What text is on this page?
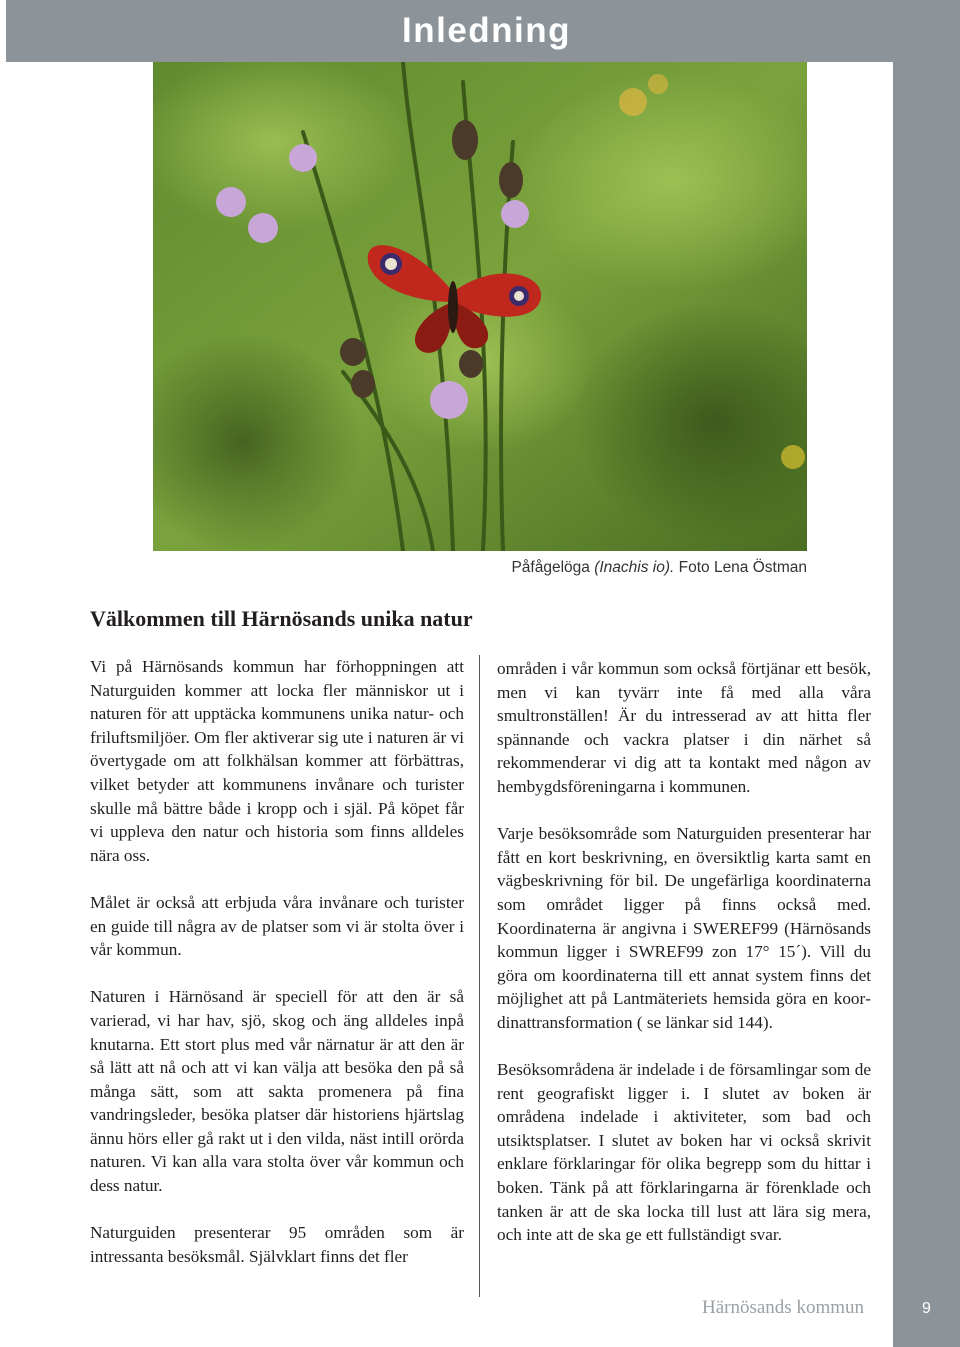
Inledning
Påfågelöga (Inachis io). Foto Lena Östman
Välkommen till Härnösands unika natur

Vi på Härnösands kommun har förhoppningen att Naturguiden kommer att locka fler människor ut i naturen för att upptäcka kommunens unika natur- och friluftsmiljöer. Om fler aktiverar sig ute i naturen är vi övertygade om att folkhälsan kommer att förbättras, vilket betyder att kommunens invånare och turister skulle må bättre både i kropp och i själ. På köpet får vi uppleva den natur och historia som finns alldeles nära oss.

Målet är också att erbjuda våra invånare och turister en guide till några av de platser som vi är stolta över i vår kommun.

Naturen i Härnösand är speciell för att den är så varierad, vi har hav, sjö, skog och äng alldeles inpå knutarna. Ett stort plus med vår närnatur är att den är så lätt att nå och att vi kan välja att besöka den på så många sätt, som att sakta promenera på fina vandringsleder, besöka platser där historiens hjärtslag ännu hörs eller gå rakt ut i den vilda, näst intill orörda naturen. Vi kan alla vara stolta över vår kommun och dess natur.

Naturguiden presenterar 95 områden som är intressanta besöksmål. Självklart finns det fler

områden i vår kommun som också förtjänar ett besök, men vi kan tyvärr inte få med alla våra smultronställen! Är du intresserad av att hitta fler spännande och vackra platser i din närhet så rekommenderar vi dig att ta kontakt med någon av hembygdsföreningarna i kommunen.

Varje besöksområde som Naturguiden presenterar har fått en kort beskrivning, en översiktlig karta samt en vägbeskrivning för bil. De ungefärliga koordinaterna som området ligger på finns också med. Koordinaterna är angivna i SWEREF99 (Härnösands kommun ligger i SWREF99 zon 17° 15´). Vill du göra om koordinaterna till ett annat system finns det möjlighet att på Lantmäteriets hemsida göra en koordinattransformation ( se länkar sid 144).

Besöksområdena är indelade i de församlingar som de rent geografiskt ligger i. I slutet av boken är områdena indelade i aktiviteter, som bad och utsiktsplatser. I slutet av boken har vi också skrivit enklare förklaringar för olika begrepp som du hittar i boken. Tänk på att förklaringarna är förenklade och tanken är att de ska locka till lust att lära sig mera, och inte att de ska ge ett fullständigt svar.

Härnösands kommun	9
